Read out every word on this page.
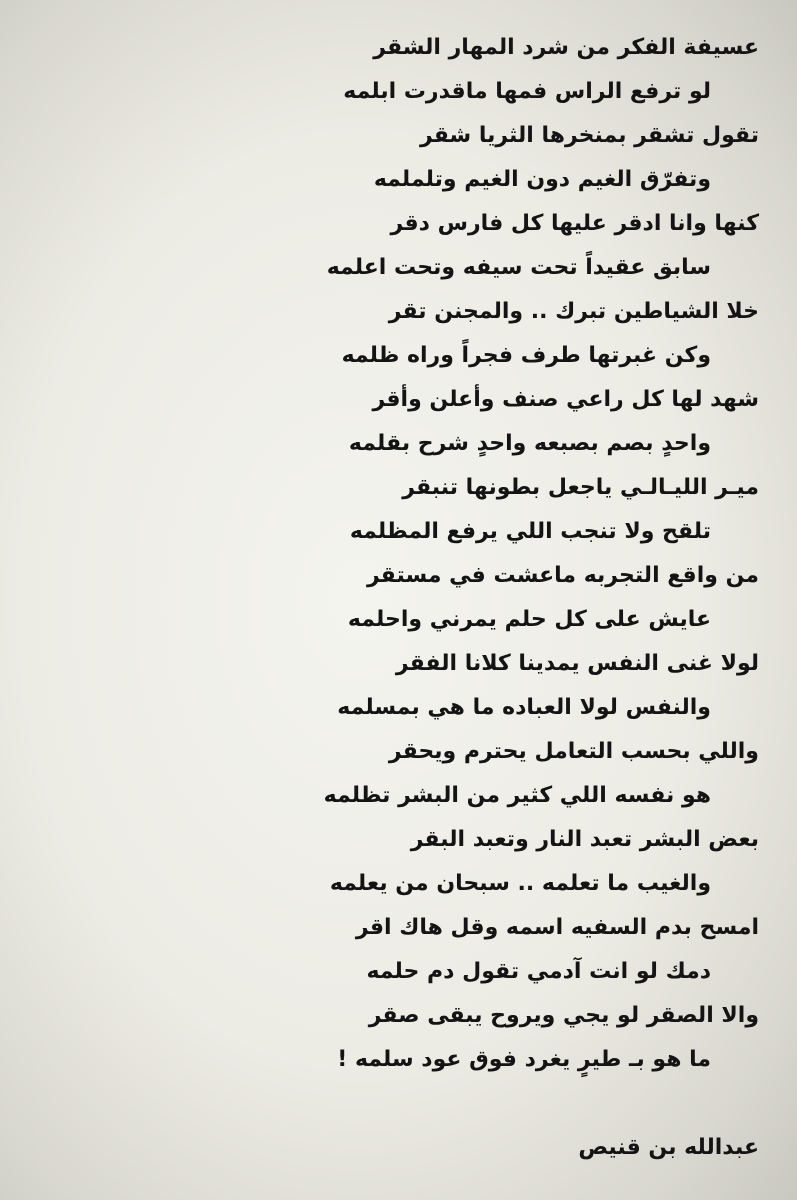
عسيفة الفكر من شرد المهار الشقر
لو ترفع الراس فمها ماقدرت ابلمه
تقول تشقر بمنخرها الثريا شقر
وتفرّق الغيم دون الغيم وتلملمه
كنها وانا ادقر عليها كل فارس دقر
سابق عقيداً تحت سيفه وتحت اعلمه
خلا الشياطين تبرك .. والمجنن تقر
وكن غبرتها طرف فجراً وراه ظلمه
شهد لها كل راعي صنف وأعلن وأقر
واحدٍ بصم بصبعه واحدٍ شرح بقلمه
ميـر الليـالـي ياجعل بطونها تنبقر
تلقح ولا تنجب اللي يرفع المظلمه
من واقع التجربه ماعشت في مستقر
عايش على كل حلم يمرني واحلمه
لولا غنى النفس يمدينا كلانا الفقر
والنفس لولا العباده ما هي بمسلمه
واللي بحسب التعامل يحترم ويحقر
هو نفسه اللي كثير من البشر تظلمه
بعض البشر تعبد النار وتعبد البقر
والغيب ما تعلمه .. سبحان من يعلمه
امسح بدم السفيه اسمه وقل هاك اقر
دمك لو انت آدمي تقول دم حلمه
والا الصقر لو يجي ويروح يبقى صقر
ما هو بـ طيرٍ يغرد فوق عود سلمه !
عبدالله بن قنيص
